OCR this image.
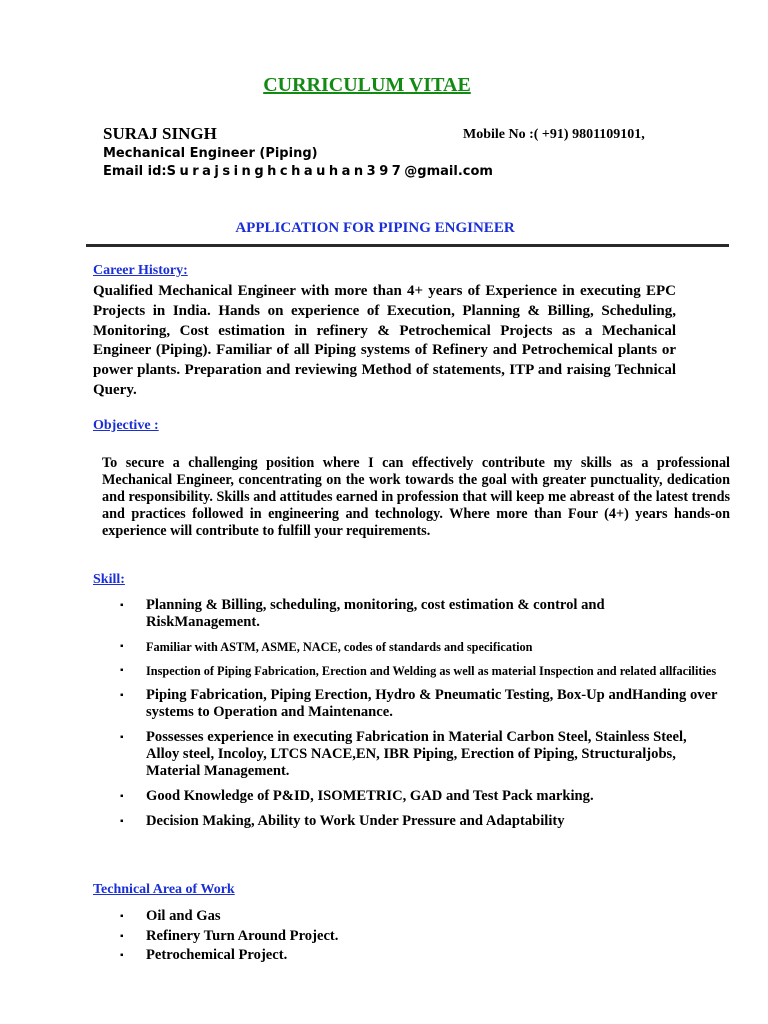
CURRICULUM VITAE
SURAJ SINGH	Mobile No :( +91) 9801109101,
Mechanical Engineer (Piping)
Email id:Surajsinghchauhan397@gmail.com
APPLICATION FOR PIPING ENGINEER
Career History:
Qualified Mechanical Engineer with more than 4+ years of Experience in executing EPC Projects in India. Hands on experience of Execution, Planning & Billing, Scheduling, Monitoring, Cost estimation in refinery & Petrochemical Projects as a Mechanical Engineer (Piping). Familiar of all Piping systems of Refinery and Petrochemical plants or power plants. Preparation and reviewing Method of statements, ITP and raising Technical Query.
Objective :
To secure a challenging position where I can effectively contribute my skills as a professional Mechanical Engineer, concentrating on the work towards the goal with greater punctuality, dedication and responsibility. Skills and attitudes earned in profession that will keep me abreast of the latest trends and practices followed in engineering and technology. Where more than Four (4+) years hands-on experience will contribute to fulfill your requirements.
Skill:
▪ Planning & Billing, scheduling, monitoring, cost estimation & control and RiskManagement.
▪ Familiar with ASTM, ASME, NACE, codes of standards and specification
▪ Inspection of Piping Fabrication, Erection and Welding as well as material Inspection and related allfacilities
▪ Piping Fabrication, Piping Erection, Hydro & Pneumatic Testing, Box-Up andHanding over systems to Operation and Maintenance.
▪ Possesses experience in executing Fabrication in Material Carbon Steel, Stainless Steel, Alloy steel, Incoloy, LTCS NACE,EN, IBR Piping, Erection of Piping, Structuraljobs, Material Management.
▪ Good Knowledge of P&ID, ISOMETRIC, GAD and Test Pack marking.
▪ Decision Making, Ability to Work Under Pressure and Adaptability
Technical Area of Work
▪ Oil and Gas
▪ Refinery Turn Around Project.
▪ Petrochemical Project.
